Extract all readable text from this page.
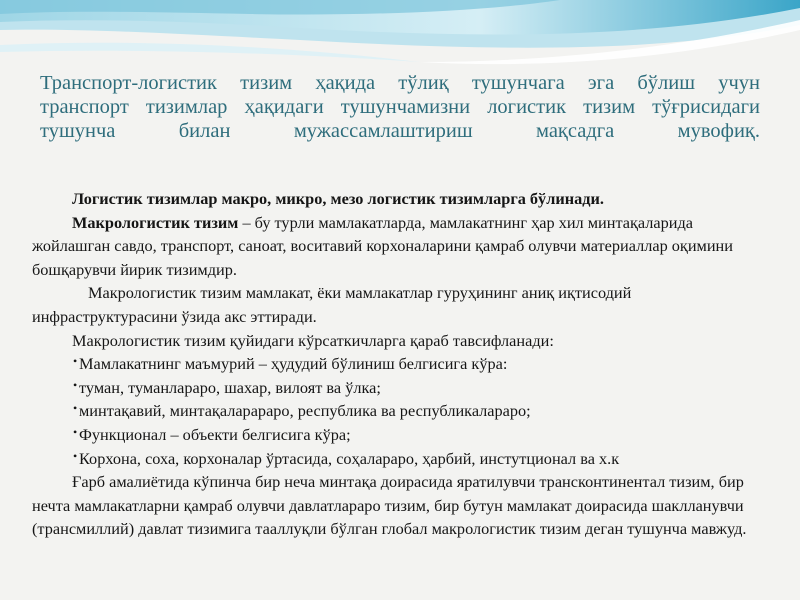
Транспорт-логистик тизим ҳақида тўлиқ тушунчага эга бўлиш учун
транспорт тизимлар ҳақидаги тушунчамизни логистик тизим тўғрисидаги
тушунча билан мужассамлаштириш мақсадга мувофиқ.

Логистик тизимлар макро, микро, мезо логистик тизимларга бўлинади.

Макрологистик тизим – бу турли мамлакатларда, мамлакатнинг ҳар хил минтақаларида жойлашган савдо, транспорт, саноат, воситавий корхоналарини қамраб олувчи материаллар оқимини бошқарувчи йирик тизимдир.

Макрологистик тизим мамлакат, ёки мамлакатлар гуруҳининг аниқ иқтисодий инфраструктурасини ўзида акс эттиради.

Макрологистик тизим қуйидаги кўрсаткичларга қараб тавсифланади:

• Мамлакатнинг маъмурий – ҳудудий бўлиниш белгисига кўра:

• туман, туманлараро, шахар, вилоят ва ўлка;

• минтақавий, минтақаларараро, республика ва республикалараро;

• Функционал – объекти белгисига кўра;

• Корхона, соха, корхоналар ўртасида, соҳалараро, ҳарбий, инстутционал ва х.к

Ғарб амалиётида кўпинча бир неча минтақа доирасида яратилувчи трансконтинентал тизим, бир нечта мамлакатларни қамраб олувчи давлатлараро тизим, бир бутун мамлакат доирасида шаклланувчи (трансмиллий) давлат тизимига тааллуқли бўлган глобал макрологистик тизим деган тушунча мавжуд.
